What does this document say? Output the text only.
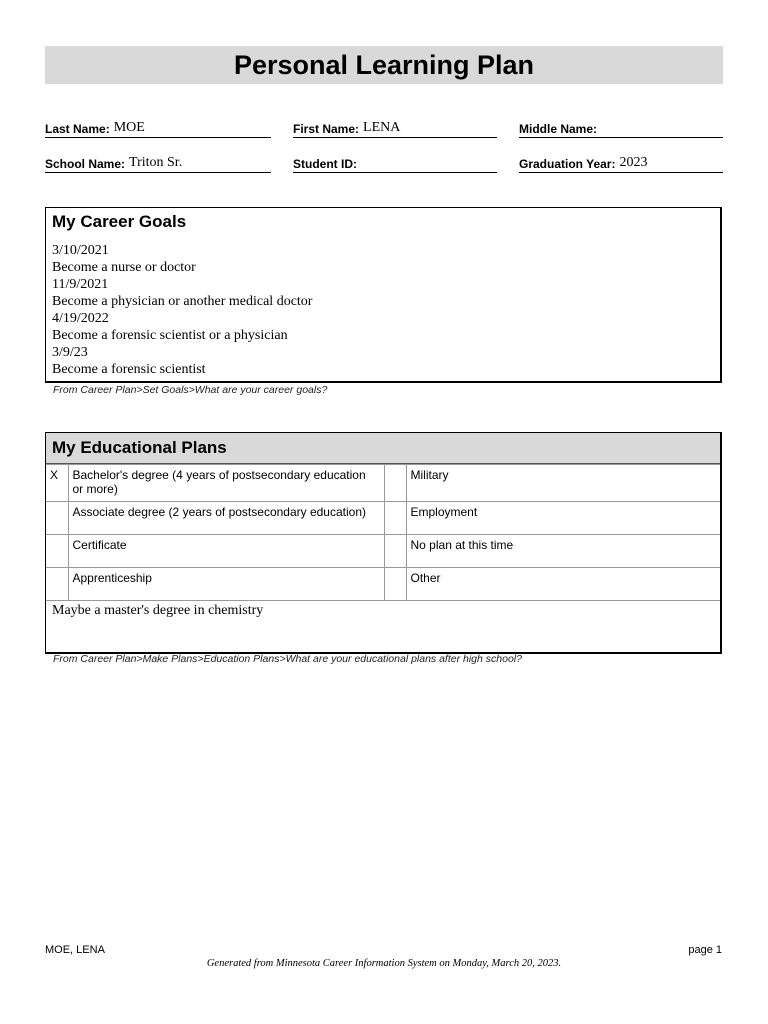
Personal Learning Plan
Last Name: MOE	First Name: LENA	Middle Name:
School Name: Triton Sr.	Student ID:	Graduation Year: 2023
My Career Goals
3/10/2021
Become a nurse or doctor
11/9/2021
Become a physician or another medical doctor
4/19/2022
Become a forensic scientist or a physician
3/9/23
Become a forensic scientist
From Career Plan>Set Goals>What are your career goals?
My Educational Plans
X	Bachelor's degree (4 years of postsecondary education or more)		Military
	Associate degree (2 years of postsecondary education)		Employment
	Certificate		No plan at this time
	Apprenticeship		Other
Maybe a master's degree in chemistry
From Career Plan>Make Plans>Education Plans>What are your educational plans after high school?
MOE, LENA	page 1
Generated from Minnesota Career Information System on Monday, March 20, 2023.
